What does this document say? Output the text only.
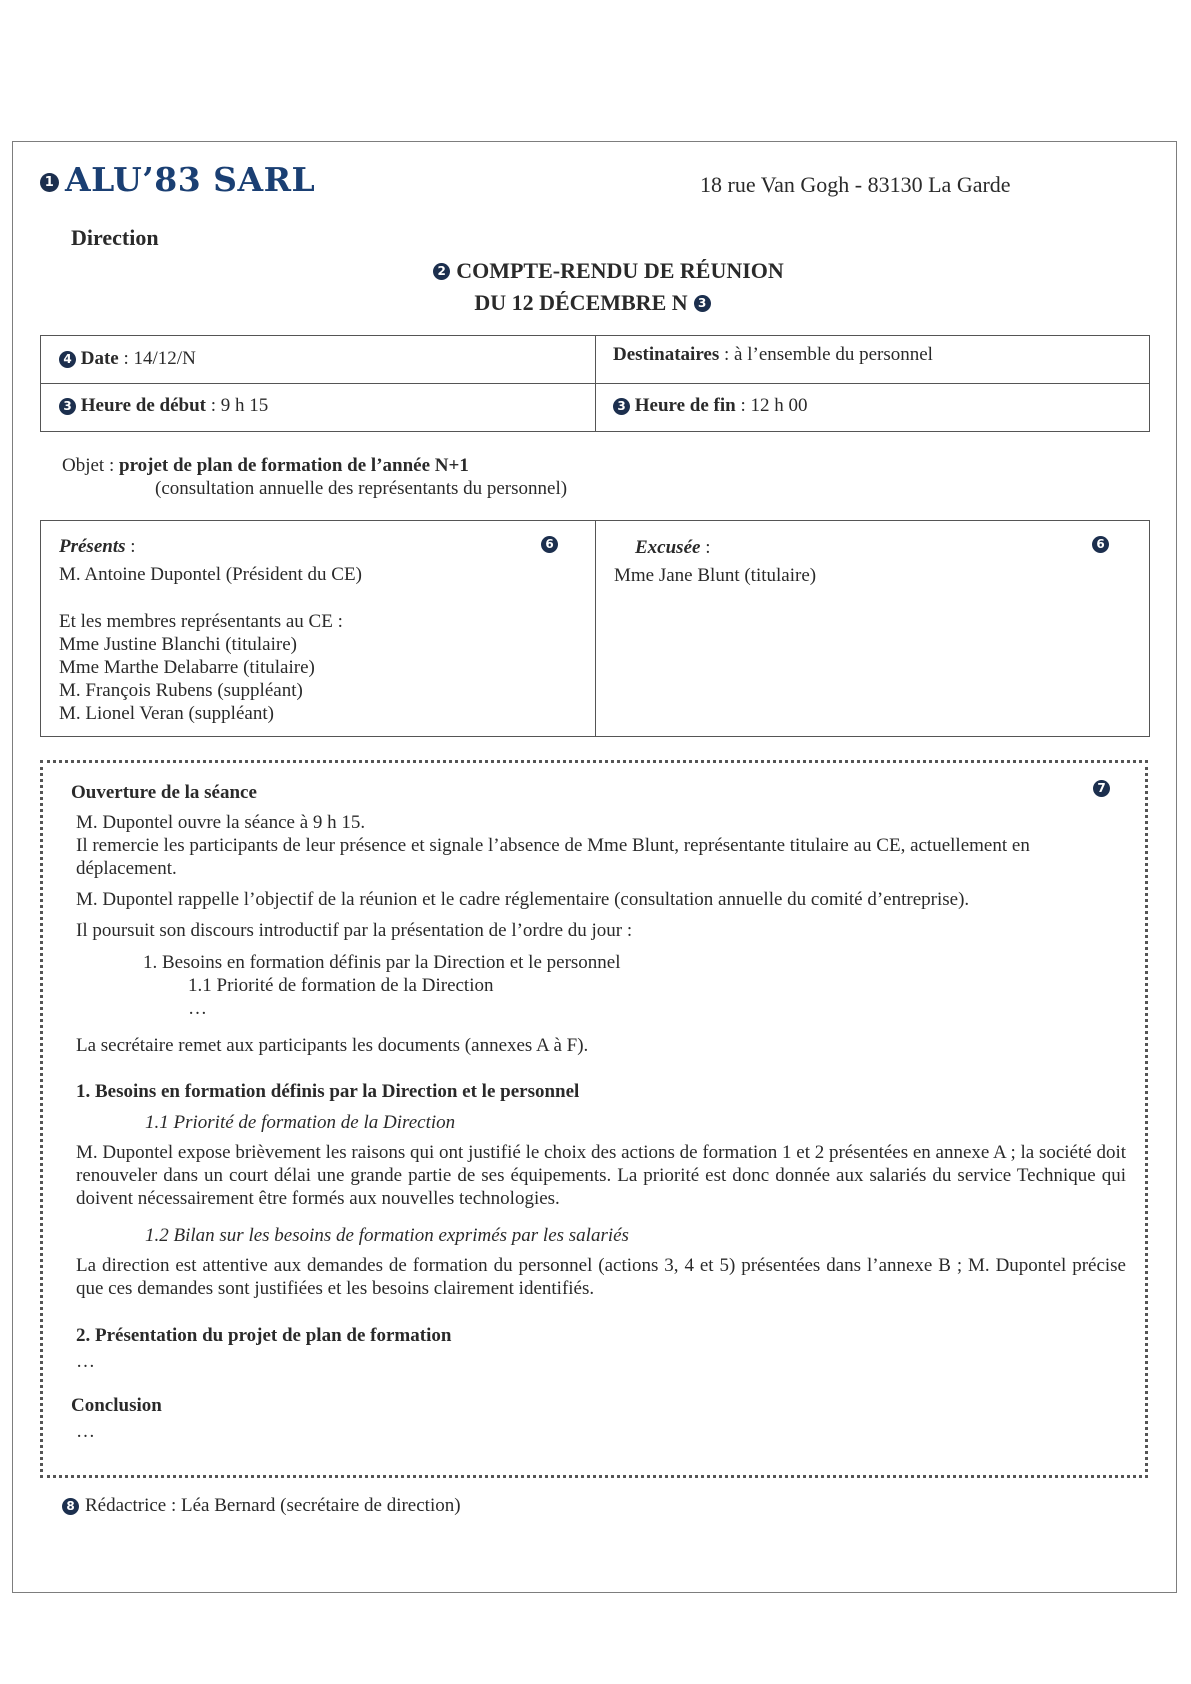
1 ALU’83 SARL	18 rue Van Gogh - 83130 La Garde
Direction
2 COMPTE-RENDU DE RÉUNION
DU 12 DÉCEMBRE N 3
4 Date : 14/12/N	Destinataires : à l’ensemble du personnel
3 Heure de début : 9 h 15	3 Heure de fin : 12 h 00
Objet : projet de plan de formation de l’année N+1
(consultation annuelle des représentants du personnel)
Présents :	6
M. Antoine Dupontel (Président du CE)
Et les membres représentants au CE :
Mme Justine Blanchi (titulaire)
Mme Marthe Delabarre (titulaire)
M. François Rubens (suppléant)
M. Lionel Veran (suppléant)
Excusée :	6
Mme Jane Blunt (titulaire)
7
Ouverture de la séance
M. Dupontel ouvre la séance à 9 h 15.
Il remercie les participants de leur présence et signale l’absence de Mme Blunt, représentante titulaire au CE, actuellement en déplacement.
M. Dupontel rappelle l’objectif de la réunion et le cadre réglementaire (consultation annuelle du comité d’entreprise).
Il poursuit son discours introductif par la présentation de l’ordre du jour :
1. Besoins en formation définis par la Direction et le personnel
1.1 Priorité de formation de la Direction
…
La secrétaire remet aux participants les documents (annexes A à F).
1. Besoins en formation définis par la Direction et le personnel
1.1 Priorité de formation de la Direction
M. Dupontel expose brièvement les raisons qui ont justifié le choix des actions de formation 1 et 2 présentées en annexe A ; la société doit renouveler dans un court délai une grande partie de ses équipements. La priorité est donc donnée aux salariés du service Technique qui doivent nécessairement être formés aux nouvelles technologies.
1.2 Bilan sur les besoins de formation exprimés par les salariés
La direction est attentive aux demandes de formation du personnel (actions 3, 4 et 5) présentées dans l’annexe B ; M. Dupontel précise que ces demandes sont justifiées et les besoins clairement identifiés.
2. Présentation du projet de plan de formation
…
Conclusion
…
8 Rédactrice : Léa Bernard (secrétaire de direction)
